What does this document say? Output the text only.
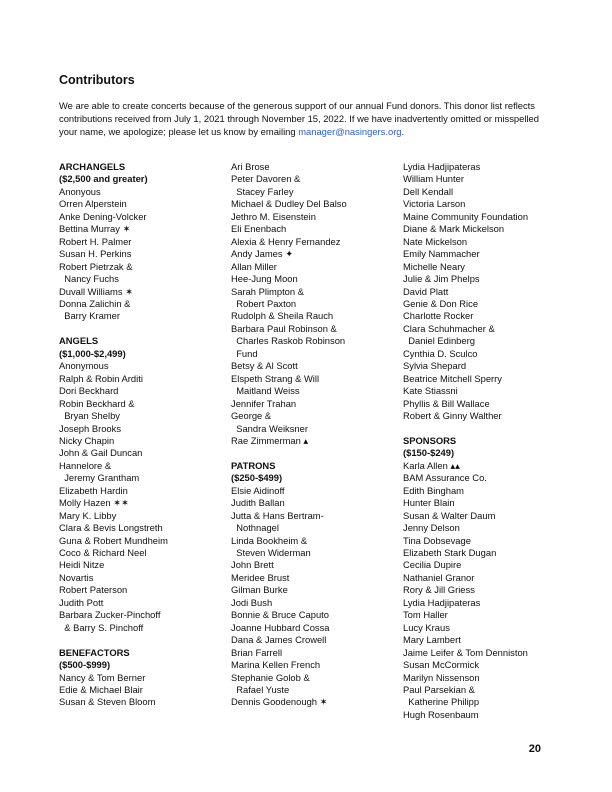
Contributors
We are able to create concerts because of the generous support of our annual Fund donors. This donor list reflects contributions received from July 1, 2021 through November 15, 2022. If we have inadvertently omitted or misspelled your name, we apologize; please let us know by emailing manager@nasingers.org.
ARCHANGELS
($2,500 and greater)
Anonyous
Orren Alperstein
Anke Dening-Volcker
Bettina Murray ✶
Robert H. Palmer
Susan H. Perkins
Robert Pietrzak &
Nancy Fuchs
Duvall Williams ✶
Donna Zalichin &
Barry Kramer
ANGELS
($1,000-$2,499)
Anonymous
Ralph & Robin Arditi
Dori Beckhard
Robin Beckhard &
Bryan Shelby
Joseph Brooks
Nicky Chapin
John & Gail Duncan
Hannelore &
Jeremy Grantham
Elizabeth Hardin
Molly Hazen ✶✶
Mary K. Libby
Clara & Bevis Longstreth
Guna & Robert Mundheim
Coco & Richard Neel
Heidi Nitze
Novartis
Robert Paterson
Judith Pott
Barbara Zucker-Pinchoff
& Barry S. Pinchoff
BENEFACTORS
($500-$999)
Nancy & Tom Berner
Edie & Michael Blair
Susan & Steven Bloom
Ari Brose
Peter Davoren &
Stacey Farley
Michael & Dudley Del Balso
Jethro M. Eisenstein
Eli Enenbach
Alexia & Henry Fernandez
Andy James ✦
Allan Miller
Hee-Jung Moon
Sarah Plimpton &
Robert Paxton
Rudolph & Sheila Rauch
Barbara Paul Robinson &
Charles Raskob Robinson
Fund
Betsy & Al Scott
Elspeth Strang & Will
Maitland Weiss
Jennifer Trahan
George &
Sandra Weiksner
Rae Zimmerman ▴
PATRONS
($250-$499)
Elsie Aidinoff
Judith Ballan
Jutta & Hans Bertram-
Nothnagel
Linda Bookheim &
Steven Widerman
John Brett
Meridee Brust
Gilman Burke
Jodi Bush
Bonnie & Bruce Caputo
Joanne Hubbard Cossa
Dana & James Crowell
Brian Farrell
Marina Kellen French
Stephanie Golob &
Rafael Yuste
Dennis Goodenough ✶
Lydia Hadjipateras
William Hunter
Dell Kendall
Victoria Larson
Maine Community Foundation
Diane & Mark Mickelson
Nate Mickelson
Emily Nammacher
Michelle Neary
Julie & Jim Phelps
David Platt
Genie & Don Rice
Charlotte Rocker
Clara Schuhmacher &
Daniel Edinberg
Cynthia D. Sculco
Sylvia Shepard
Beatrice Mitchell Sperry
Kate Stiassni
Phyllis & Bill Wallace
Robert & Ginny Walther
SPONSORS
($150-$249)
Karla Allen ▴▴
BAM Assurance Co.
Edith Bingham
Hunter Blain
Susan & Walter Daum
Jenny Delson
Tina Dobsevage
Elizabeth Stark Dugan
Cecilia Dupire
Nathaniel Granor
Rory & Jill Griess
Lydia Hadjipateras
Tom Haller
Lucy Kraus
Mary Lambert
Jaime Leifer & Tom Denniston
Susan McCormick
Marilyn Nissenson
Paul Parsekian &
Katherine Philipp
Hugh Rosenbaum
20
